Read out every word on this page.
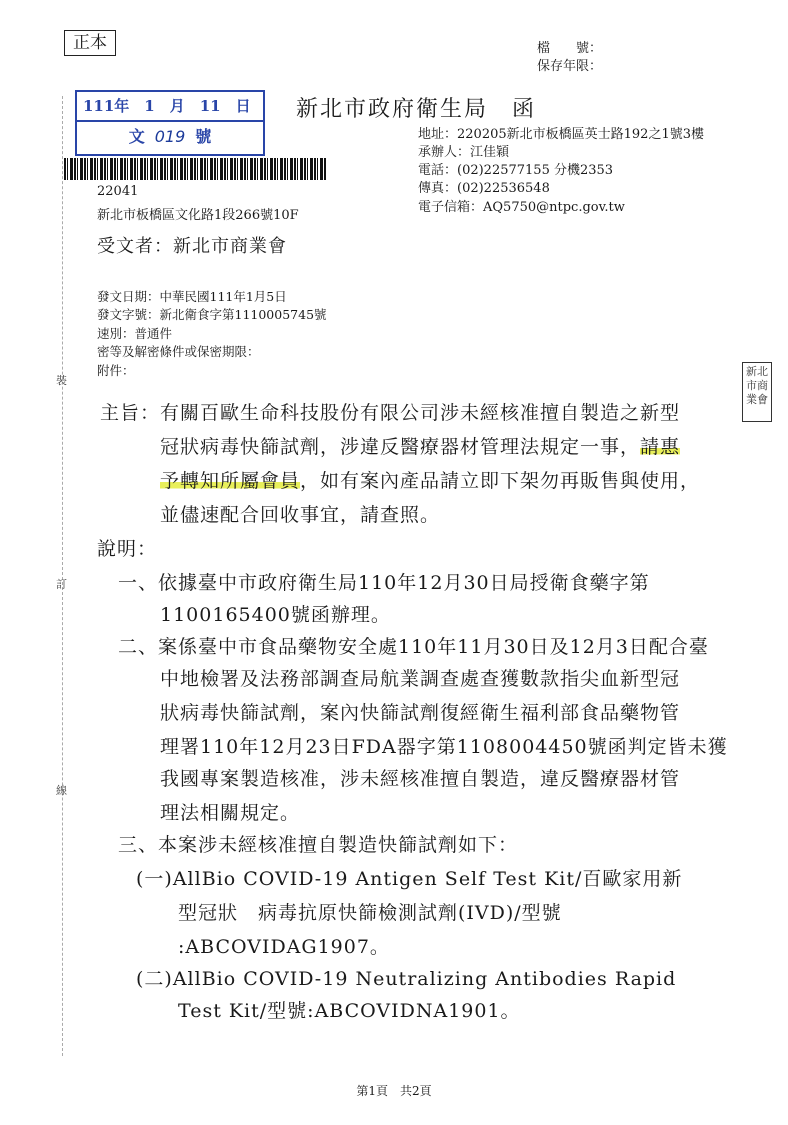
裝
訂
線
正本	檔　　號：
保存年限：
111年　1　月　11　日
文 019 號
22041
新北市板橋區文化路1段266號10F
新北市政府衛生局　函
地址：220205新北市板橋區英士路192之1號3樓
承辦人：江佳穎
電話：(02)22577155 分機2353
傳真：(02)22536548
電子信箱：AQ5750@ntpc.gov.tw
受文者：新北市商業會
發文日期：中華民國111年1月5日
發文字號：新北衛食字第1110005745號
速別：普通件
密等及解密條件或保密期限：
附件：	新北市商業會
主旨： 有關百歐生命科技股份有限公司涉未經核准擅自製造之新型
冠狀病毒快篩試劑，涉違反醫療器材管理法規定一事，請惠
予轉知所屬會員，如有案內產品請立即下架勿再販售與使用，
並儘速配合回收事宜，請查照。
說明：
一、依據臺中市政府衛生局110年12月30日局授衛食藥字第
1100165400號函辦理。
二、案係臺中市食品藥物安全處110年11月30日及12月3日配合臺
中地檢署及法務部調查局航業調查處查獲數款指尖血新型冠
狀病毒快篩試劑，案內快篩試劑復經衛生福利部食品藥物管
理署110年12月23日FDA器字第1108004450號函判定皆未獲
我國專案製造核准，涉未經核准擅自製造，違反醫療器材管
理法相關規定。
三、本案涉未經核准擅自製造快篩試劑如下：
(一)AllBio COVID-19 Antigen Self Test Kit/百歐家用新
型冠狀　病毒抗原快篩檢測試劑(IVD)/型號
:ABCOVIDAG1907。
(二)AllBio COVID-19 Neutralizing Antibodies Rapid
Test Kit/型號:ABCOVIDNA1901。
第1頁　共2頁
